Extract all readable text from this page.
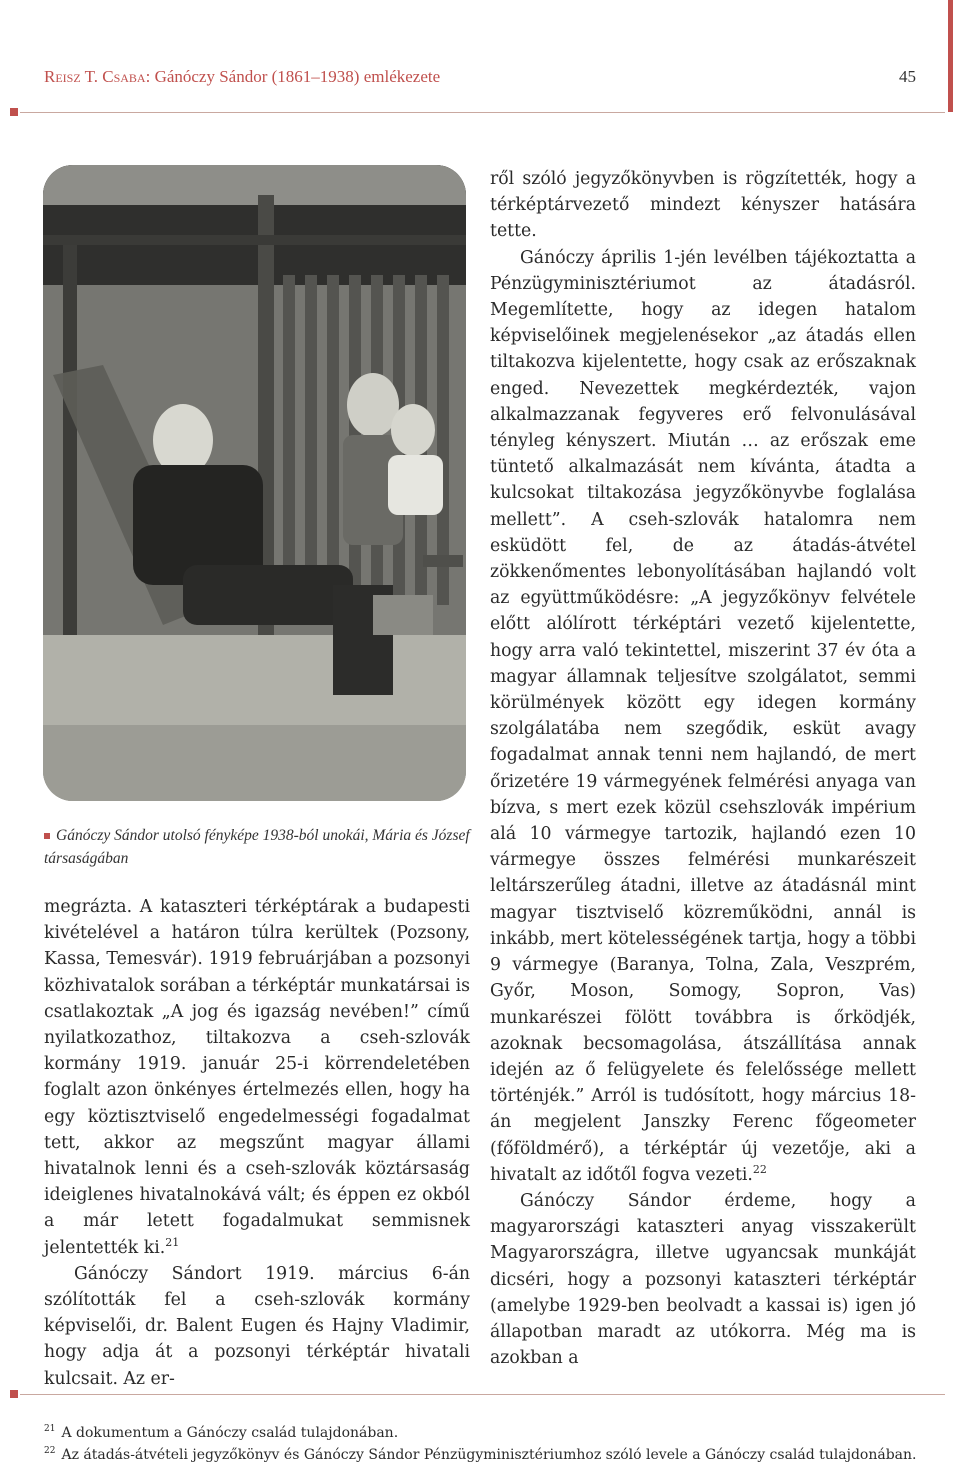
Reisz T. Csaba: Gánóczy Sándor (1861–1938) emlékezete	45
Gánóczy Sándor utolsó fényképe 1938-ból unokái, Mária és József társaságában

megrázta. A kataszteri térképtárak a budapesti kivételével a határon túlra kerültek (Pozsony, Kassa, Temesvár). 1919 februárjában a pozsonyi közhivatalok sorában a térképtár munkatársai is csatlakoztak „A jog és igazság nevében!” című nyilatkozathoz, tiltakozva a cseh-szlovák kormány 1919. január 25-i körrendeletében foglalt azon önkényes értelmezés ellen, hogy ha egy köztisztviselő engedelmességi fogadalmat tett, akkor az megszűnt magyar állami hivatalnok lenni és a cseh-szlovák köztársaság ideiglenes hivatalnokává vált; és éppen ez okból a már letett fogadalmukat semmisnek jelentették ki.$^{21}$

Gánóczy Sándort 1919. március 6-án szólították fel a cseh-szlovák kormány képviselői, dr. Balent Eugen és Hajny Vladimir, hogy adja át a pozsonyi térképtár hivatali kulcsait. Az er-

ről szóló jegyzőkönyvben is rögzítették, hogy a térképtárvezető mindezt kényszer hatására tette.

Gánóczy április 1-jén levélben tájékoztatta a Pénzügyminisztériumot az átadásról. Megemlítette, hogy az idegen hatalom képviselőinek megjelenésekor „az átadás ellen tiltakozva kijelentette, hogy csak az erőszaknak enged. Nevezettek megkérdezték, vajon alkalmazzanak fegyveres erő felvonulásával tényleg kényszert. Miután … az erőszak eme tüntető alkalmazását nem kívánta, átadta a kulcsokat tiltakozása jegyzőkönyvbe foglalása mellett”. A cseh-szlovák hatalomra nem esküdött fel, de az átadás-átvétel zökkenőmentes lebonyolításában hajlandó volt az együttműködésre: „A jegyzőkönyv felvétele előtt alólírott térképtári vezető kijelentette, hogy arra való tekintettel, miszerint 37 év óta a magyar államnak teljesítve szolgálatot, semmi körülmények között egy idegen kormány szolgálatába nem szegődik, esküt avagy fogadalmat annak tenni nem hajlandó, de mert őrizetére 19 vármegyének felmérési anyaga van bízva, s mert ezek közül csehszlovák impérium alá 10 vármegye tartozik, hajlandó ezen 10 vármegye összes felmérési munkarészeit leltárszerűleg átadni, illetve az átadásnál mint magyar tisztviselő közreműködni, annál is inkább, mert kötelességének tartja, hogy a többi 9 vármegye (Baranya, Tolna, Zala, Veszprém, Győr, Moson, Somogy, Sopron, Vas) munkarészei fölött továbbra is őrködjék, azoknak becsomagolása, átszállítása annak idején az ő felügyelete és felelőssége mellett történjék.” Arról is tudósított, hogy március 18-án megjelent Janszky Ferenc főgeometer (főföldmérő), a térképtár új vezetője, aki a hivatalt az időtől fogva vezeti.$^{22}$

Gánóczy Sándor érdeme, hogy a magyarországi kataszteri anyag visszakerült Magyarországra, illetve ugyancsak munkáját dicséri, hogy a pozsonyi kataszteri térképtár (amelybe 1929-ben beolvadt a kassai is) igen jó állapotban maradt az utókorra. Még ma is azokban a

$^{21}$ A dokumentum a Gánóczy család tulajdonában.
$^{22}$ Az átadás-átvételi jegyzőkönyv és Gánóczy Sándor Pénzügyminisztériumhoz szóló levele a Gánóczy család tulajdonában.
